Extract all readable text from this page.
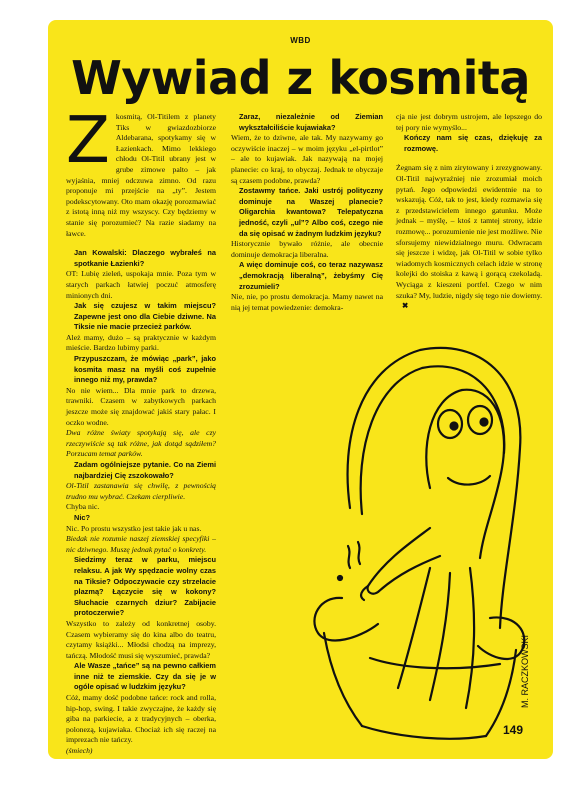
WBD
Wywiad z kosmitą
Z kosmitą, Ol-Titilem z planety Tiks w gwiazdozbiorze Aldebarana, spotykamy się w Łazienkach. Mimo lekkiego chłodu Ol-Titil ubrany jest w grube zimowe palto – jak wyjaśnia, mniej odczuwa zimno. Od razu proponuje mi przejście na „ty”. Jestem podekscytowany. Oto mam okazję porozmawiać z istotą inną niż my wszyscy. Czy będziemy w stanie się porozumieć? Na razie siadamy na ławce.

Jan Kowalski: Dlaczego wybrałeś na spotkanie Łazienki?

OT: Lubię zieleń, uspokaja mnie. Poza tym w starych parkach łatwiej poczuć atmosferę minionych dni.

Jak się czujesz w takim miejscu? Zapewne jest ono dla Ciebie dziwne. Na Tiksie nie macie przecież parków.

Ależ mamy, dużo – są praktycznie w każdym mieście. Bardzo lubimy parki.

Przypuszczam, że mówiąc „park”, jako kosmita masz na myśli coś zupełnie innego niż my, prawda?

No nie wiem... Dla mnie park to drzewa, trawniki. Czasem w zabytkowych parkach jeszcze może się znajdować jakiś stary pałac. I oczko wodne.

Dwa różne światy spotykają się, ale czy rzeczywiście są tak różne, jak dotąd sądziłem? Porzucam temat parków.

Zadam ogólniejsze pytanie. Co na Ziemi najbardziej Cię zszokowało?

Ol-Titil zastanawia się chwilę, z pewnością trudno mu wybrać. Czekam cierpliwie.

Chyba nic.

Nic?

Nic. Po prostu wszystko jest takie jak u nas.

Biedak nie rozumie naszej ziemskiej specyfiki – nic dziwnego. Muszę jednak pytać o konkrety.

Siedzimy teraz w parku, miejscu relaksu. A jak Wy spędzacie wolny czas na Tiksie? Odpoczywacie czy strzelacie plazmą? Łączycie się w kokony? Słuchacie czarnych dziur? Zabijacie protoczerwie?

Wszystko to zależy od konkretnej osoby. Czasem wybieramy się do kina albo do teatru, czytamy książki... Młodsi chodzą na imprezy, tańczą. Młodość musi się wyszumieć, prawda?

Ale Wasze „tańce” są na pewno całkiem inne niż te ziemskie. Czy da się je w ogóle opisać w ludzkim języku?

Cóż, mamy dość podobne tańce: rock and rolla, hip-hop, swing. I takie zwyczajne, że każdy się giba na parkiecie, a z tradycyjnych – oberka, polonezą, kujawiaka. Chociaż ich się raczej na imprezach nie tańczy.

(śmiech)

Zaraz, niezależnie od Ziemian wykształciliście kujawiaka?

Wiem, że to dziwne, ale tak. My nazywamy go oczywiście inaczej – w moim języku „el-pirtlot” – ale to kujawiak. Jak nazywają na mojej planecie: co kraj, to obyczaj. Jednak te obyczaje są czasem podobne, prawda?

Zostawmy tańce. Jaki ustrój polityczny dominuje na Waszej planecie? Oligarchia kwantowa? Telepatyczna jedność, czyli „ul”? Albo coś, czego nie da się opisać w żadnym ludzkim języku?

Historycznie bywało różnie, ale obecnie dominuje demokracja liberalna.

A więc dominuje coś, co teraz nazywasz „demokracją liberalną”, żebyśmy Cię zrozumieli?

Nie, nie, po prostu demokracja. Mamy nawet na nią jej temat powiedzenie: demokra-

cja nie jest dobrym ustrojem, ale lepszego do tej pory nie wymyślo...

Kończy nam się czas, dziękuję za rozmowę.

Żegnam się z nim zirytowany i zrezygnowany. Ol-Titil najwyraźniej nie zrozumiał moich pytań. Jego odpowiedzi ewidentnie na to wskazują. Cóż, tak to jest, kiedy rozmawia się z przedstawicielem innego gatunku. Może jednak – myślę, – ktoś z tamtej strony, idzie rozmowę... porozumienie nie jest możliwe. Nie sforsujemy niewidzialnego muru. Odwracam się jeszcze i widzę, jak Ol-Titil w sobie tylko wiadomych kosmicznych celach idzie w stronę kolejki do stoiska z kawą i gorącą czekoladą. Wyciąga z kieszeni portfel. Czego w nim szuka? My, ludzie, nigdy się tego nie dowiemy.✖

M. RACZKOWSKI
149
